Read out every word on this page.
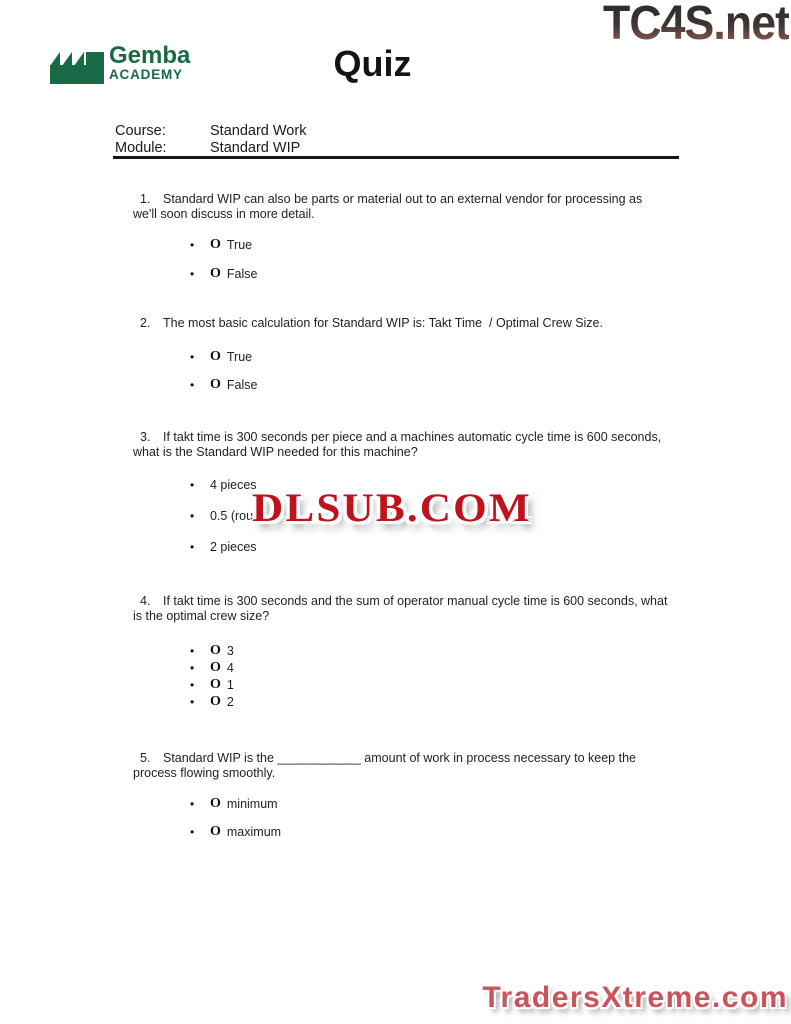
TC4S.net
Gemba
ACADEMY	Quiz
Course:	Standard Work
Module:	Standard WIP
1. Standard WIP can also be parts or material out to an external vendor for processing as
we'll soon discuss in more detail.
•	O True
•	O False
2. The most basic calculation for Standard WIP is: Takt Time  / Optimal Crew Size.
•	O True
•	O False
3. If takt time is 300 seconds per piece and a machines automatic cycle time is 600 seconds,
what is the Standard WIP needed for this machine?
•	4 pieces
•	0.5 (rour
•	2 pieces
4. If takt time is 300 seconds and the sum of operator manual cycle time is 600 seconds, what
is the optimal crew size?
•	O 3
•	O 4
•	O 1
•	O 2
5. Standard WIP is the ____________ amount of work in process necessary to keep the
process flowing smoothly.
•	O minimum
•	O maximum
DLSUB.COM
TradersXtreme.com
